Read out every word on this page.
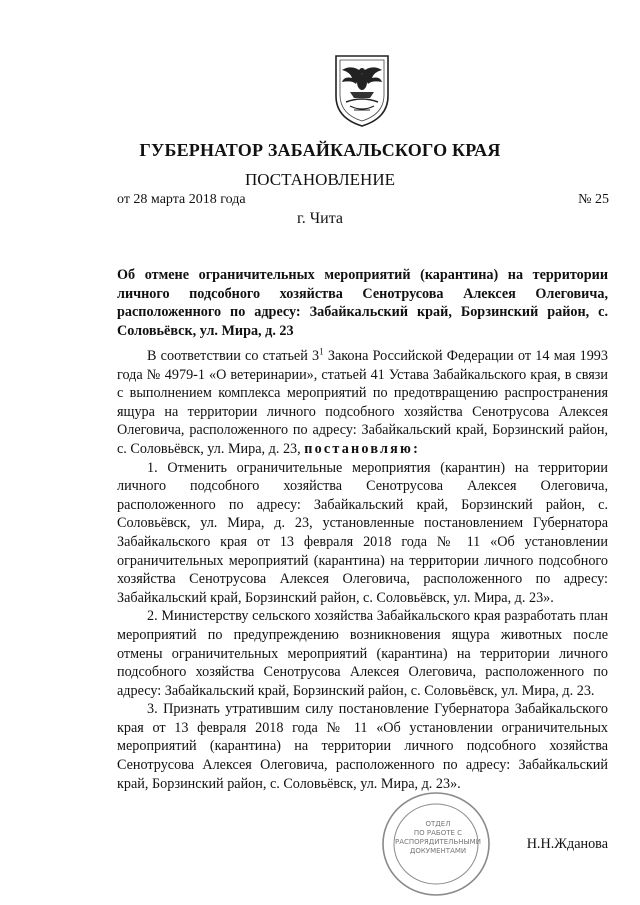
ГУБЕРНАТОР ЗАБАЙКАЛЬСКОГО КРАЯ
ПОСТАНОВЛЕНИЕ
от 28 марта 2018 года	№ 25
г. Чита
Об отмене ограничительных мероприятий (карантина) на территории личного подсобного хозяйства Сенотрусова Алексея Олеговича, расположенного по адресу: Забайкальский край, Борзинский район, с. Соловьёвск, ул. Мира, д. 23

В соответствии со статьей $3^1$ Закона Российской Федерации от 14 мая 1993 года № 4979-1 «О ветеринарии», статьей 41 Устава Забайкальского края, в связи с выполнением комплекса мероприятий по предотвращению распространения ящура на территории личного подсобного хозяйства Сенотрусова Алексея Олеговича, расположенного по адресу: Забайкальский край, Борзинский район, с. Соловьёвск, ул. Мира, д. 23, постановляю:

1. Отменить ограничительные мероприятия (карантин) на территории личного подсобного хозяйства Сенотрусова Алексея Олеговича, расположенного по адресу: Забайкальский край, Борзинский район, с. Соловьёвск, ул. Мира, д. 23, установленные постановлением Губернатора Забайкальского края от 13 февраля 2018 года № 11 «Об установлении ограничительных мероприятий (карантина) на территории личного подсобного хозяйства Сенотрусова Алексея Олеговича, расположенного по адресу: Забайкальский край, Борзинский район, с. Соловьёвск, ул. Мира, д. 23».

2. Министерству сельского хозяйства Забайкальского края разработать план мероприятий по предупреждению возникновения ящура животных после отмены ограничительных мероприятий (карантина) на территории личного подсобного хозяйства Сенотрусова Алексея Олеговича, расположенного по адресу: Забайкальский край, Борзинский район, с. Соловьёвск, ул. Мира, д. 23.

3. Признать утратившим силу постановление Губернатора Забайкальского края от 13 февраля 2018 года № 11 «Об установлении ограничительных мероприятий (карантина) на территории личного подсобного хозяйства Сенотрусова Алексея Олеговича, расположенного по адресу: Забайкальский край, Борзинский район, с. Соловьёвск, ул. Мира, д. 23».

ОТДЕЛ
ПО РАБОТЕ С
РАСПОРЯДИТЕЛЬНЫМИ
ДОКУМЕНТАМИ	Н.Н.Жданова
